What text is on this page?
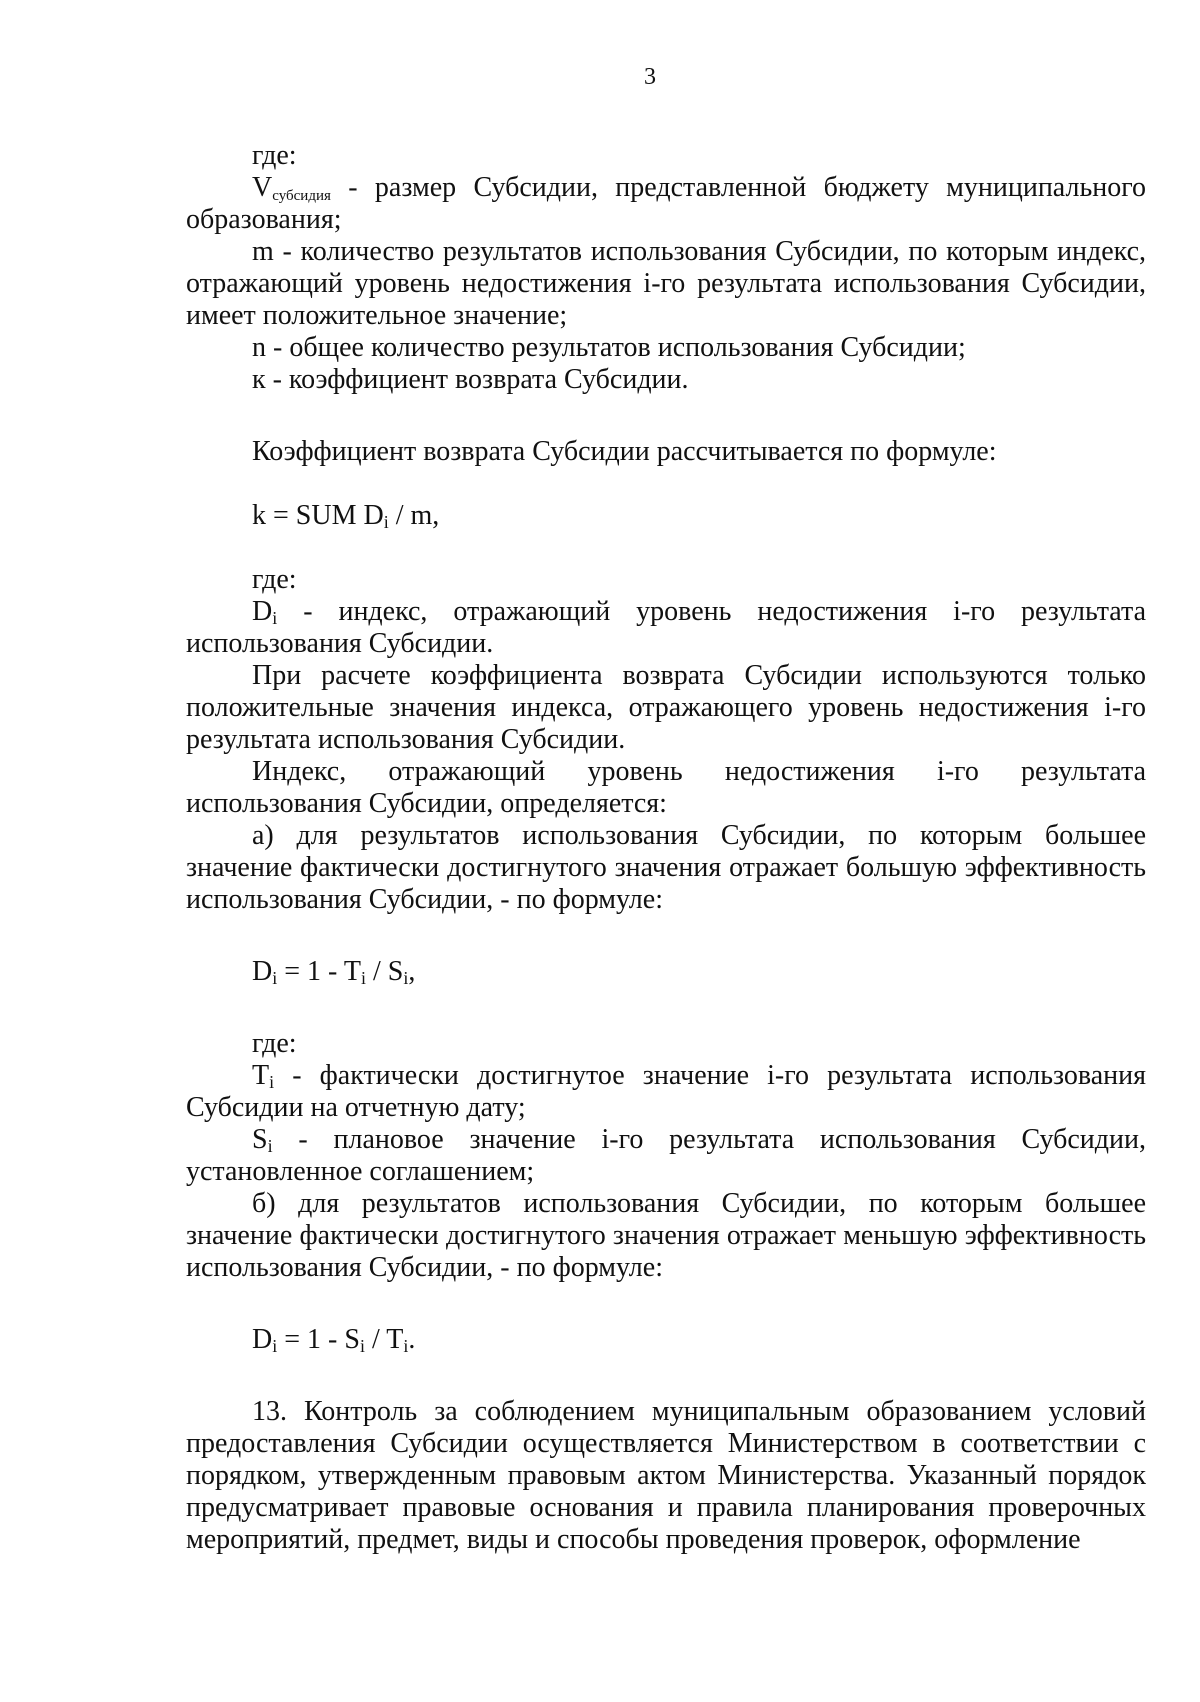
3

где:

$V_{субсидия}$ - размер Субсидии, представленной бюджету муниципального образования;

m - количество результатов использования Субсидии, по которым индекс, отражающий уровень недостижения i-го результата использования Субсидии, имеет положительное значение;

n - общее количество результатов использования Субсидии;

к - коэффициент возврата Субсидии.

Коэффициент возврата Субсидии рассчитывается по формуле:

k = SUM $D_i$ / m,

где:

$D_i$ - индекс, отражающий уровень недостижения i-го результата использования Субсидии.

При расчете коэффициента возврата Субсидии используются только положительные значения индекса, отражающего уровень недостижения i-го результата использования Субсидии.

Индекс, отражающий уровень недостижения i-го результата использования Субсидии, определяется:

а) для результатов использования Субсидии, по которым большее значение фактически достигнутого значения отражает большую эффективность использования Субсидии, - по формуле:

$D_i = 1 - T_i / S_i$,

где:

$T_i$ - фактически достигнутое значение i-го результата использования Субсидии на отчетную дату;

$S_i$ - плановое значение i-го результата использования Субсидии, установленное соглашением;

б) для результатов использования Субсидии, по которым большее значение фактически достигнутого значения отражает меньшую эффективность использования Субсидии, - по формуле:

$D_i = 1 - S_i / T_i$.

13. Контроль за соблюдением муниципальным образованием условий предоставления Субсидии осуществляется Министерством в соответствии с порядком, утвержденным правовым актом Министерства. Указанный порядок предусматривает правовые основания и правила планирования проверочных мероприятий, предмет, виды и способы проведения проверок, оформление
